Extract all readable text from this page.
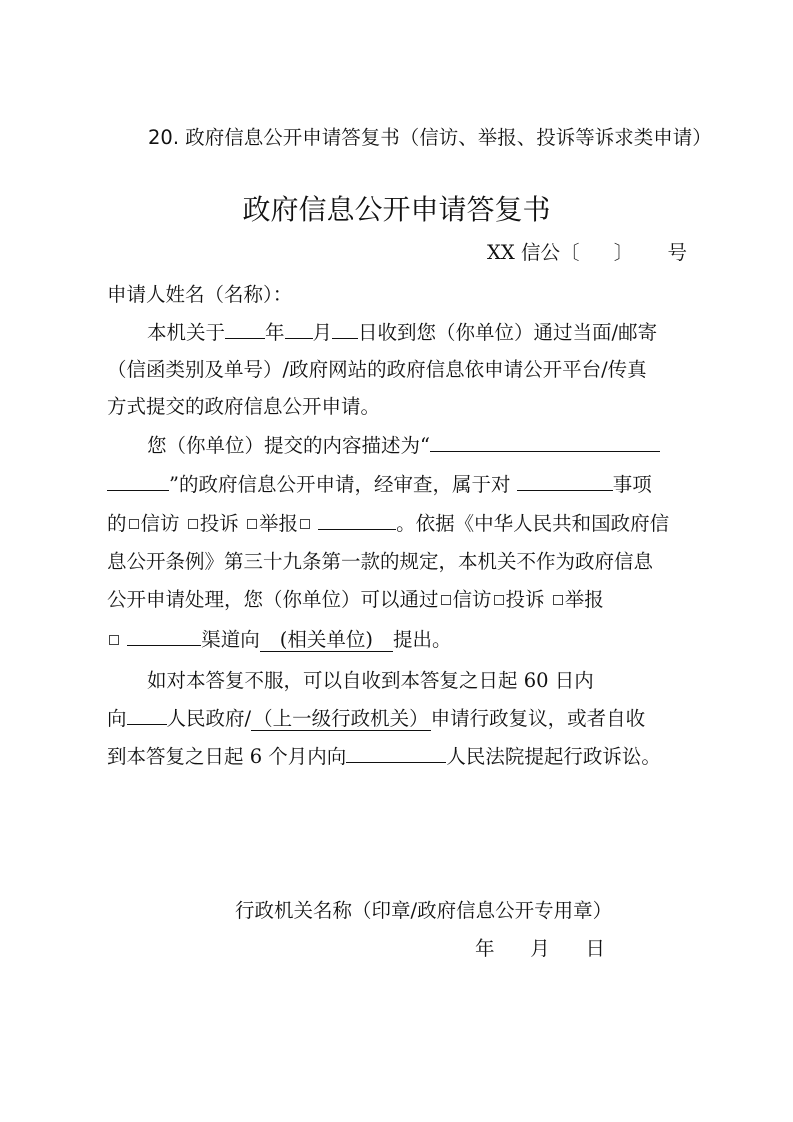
20. 政府信息公开申请答复书（信访、举报、投诉等诉求类申请）
政府信息公开申请答复书
XX 信公〔 〕 号
申请人姓名（名称）：
本机关于 年 月 日收到您（你单位）通过当面/邮寄
（信函类别及单号）/政府网站的政府信息依申请公开平台/传真
方式提交的政府信息公开申请。
您（你单位）提交的内容描述为“
”的政府信息公开申请，经审查，属于对	事项
的 信访 投诉 举报	。依据《中华人民共和国政府信
息公开条例》第三十九条第一款的规定，本机关不作为政府信息
公开申请处理，您（你单位）可以通过 信访 投诉 举报
渠道向 (相关单位) 提出。
如对本答复不服，可以自收到本答复之日起 60 日内
向 人民政府/ （上一级行政机关） 申请行政复议，或者自收
到本答复之日起 6 个月内向	人民法院提起行政诉讼。
行政机关名称（印章/政府信息公开专用章）
年 月 日
